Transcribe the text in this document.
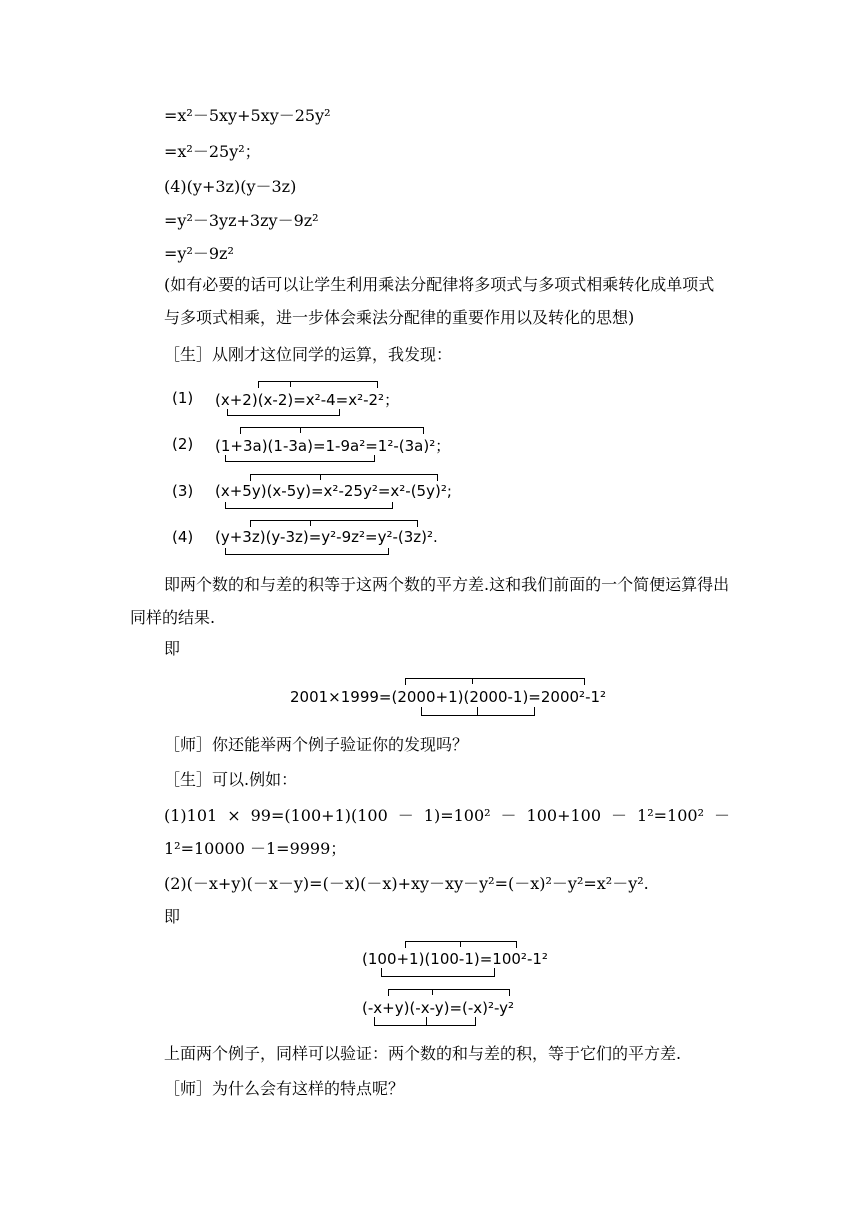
=x²－5xy+5xy－25y²
=x²－25y²；
(4)(y+3z)(y－3z)
=y²－3yz+3zy－9z²
=y²－9z²
(如有必要的话可以让学生利用乘法分配律将多项式与多项式相乘转化成单项式与多项式相乘，进一步体会乘法分配律的重要作用以及转化的思想)
［生］从刚才这位同学的运算，我发现：
(1) (x+2)(x-2)=x²-4=x²-2²；
(2) (1+3a)(1-3a)=1-9a²=1²-(3a)²；
(3) (x+5y)(x-5y)=x²-25y²=x²-(5y)²;
(4) (y+3z)(y-3z)=y²-9z²=y²-(3z)².
即两个数的和与差的积等于这两个数的平方差.这和我们前面的一个简便运算得出同样的结果.
即
2001×1999=(2000+1)(2000-1)=2000²-1²
［师］你还能举两个例子验证你的发现吗？
［生］可以.例如：
(1)101 × 99=(100+1)(100 － 1)=100² － 100+100 － 1²=100² － 1²=10000 －1=9999；
(2)(－x+y)(－x－y)=(－x)(－x)+xy－xy－y²=(－x)²－y²=x²－y².
即
(100+1)(100-1)=100²-1²
(-x+y)(-x-y)=(-x)²-y²
上面两个例子，同样可以验证：两个数的和与差的积，等于它们的平方差.
［师］为什么会有这样的特点呢？
